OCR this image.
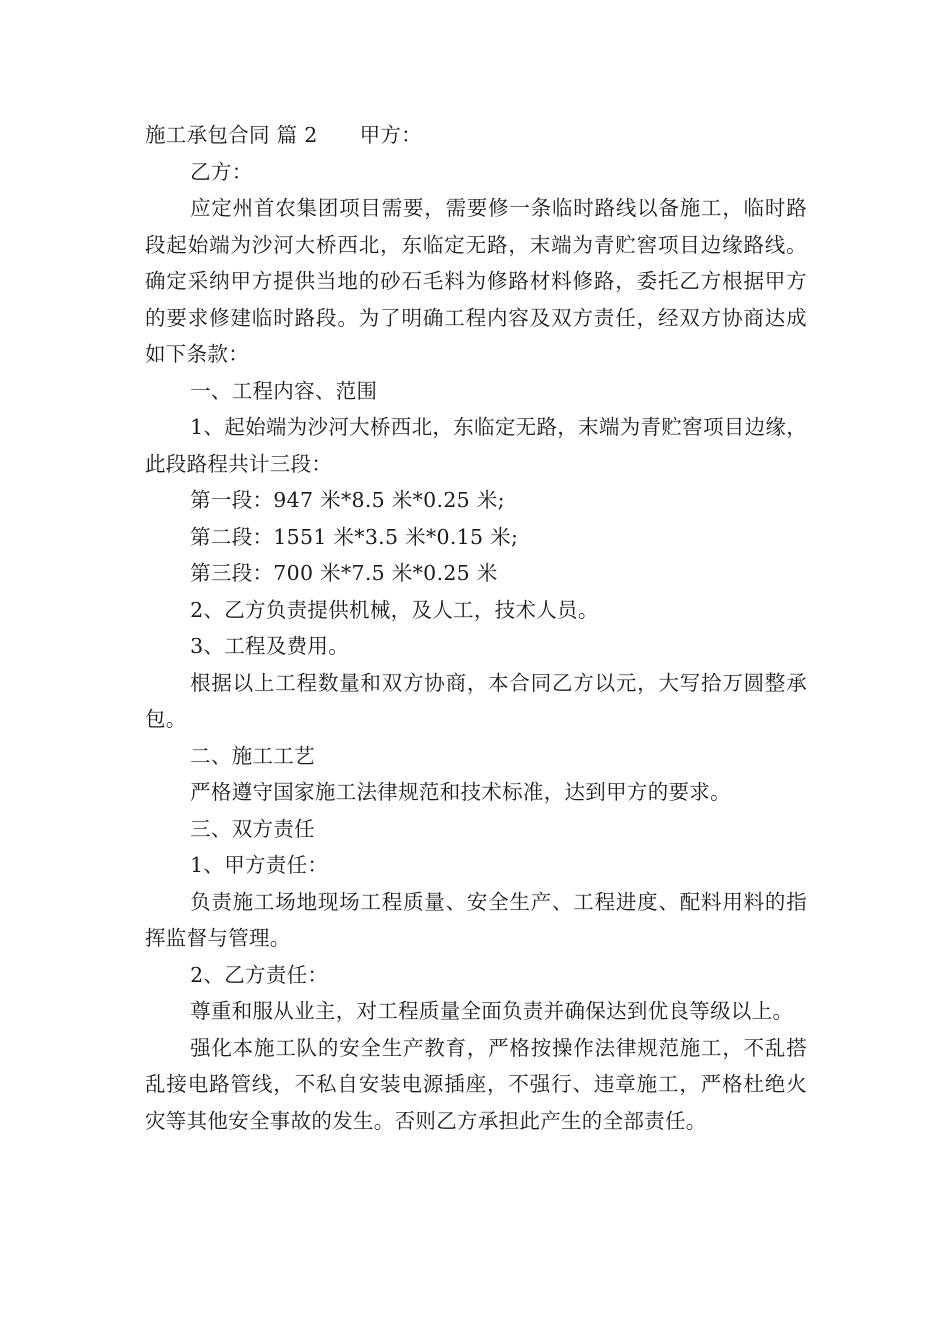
施工承包合同 篇 2 甲方：

乙方：

应定州首农集团项目需要，需要修一条临时路线以备施工，临时路段起始端为沙河大桥西北，东临定无路，末端为青贮窖项目边缘路线。确定采纳甲方提供当地的砂石毛料为修路材料修路，委托乙方根据甲方的要求修建临时路段。为了明确工程内容及双方责任，经双方协商达成如下条款：

一、工程内容、范围

1、起始端为沙河大桥西北，东临定无路，末端为青贮窖项目边缘，此段路程共计三段：

第一段：947 米*8.5 米*0.25 米;

第二段：1551 米*3.5 米*0.15 米;

第三段：700 米*7.5 米*0.25 米

2、乙方负责提供机械，及人工，技术人员。

3、工程及费用。

根据以上工程数量和双方协商，本合同乙方以元，大写拾万圆整承包。

二、施工工艺

严格遵守国家施工法律规范和技术标准，达到甲方的要求。

三、双方责任

1、甲方责任：

负责施工场地现场工程质量、安全生产、工程进度、配料用料的指挥监督与管理。

2、乙方责任：

尊重和服从业主，对工程质量全面负责并确保达到优良等级以上。

强化本施工队的安全生产教育，严格按操作法律规范施工，不乱搭乱接电路管线，不私自安装电源插座，不强行、违章施工，严格杜绝火灾等其他安全事故的发生。否则乙方承担此产生的全部责任。
